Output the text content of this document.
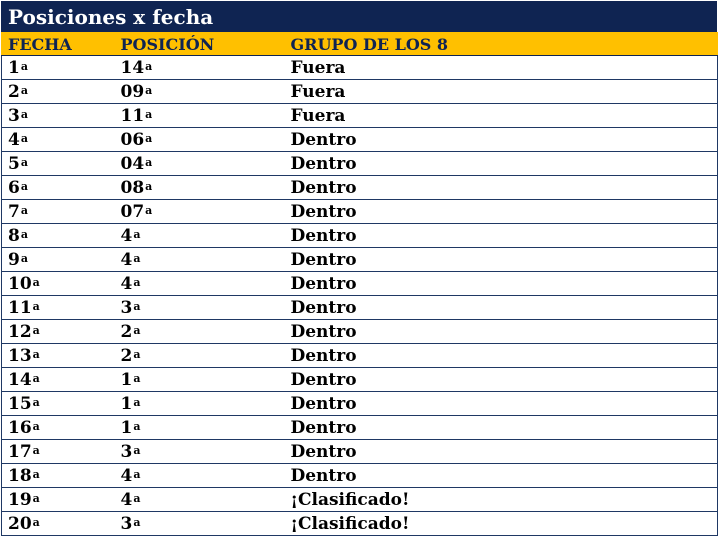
Posiciones x fecha
FECHA	POSICIÓN	GRUPO DE LOS 8
1$^a$	14$^a$	Fuera
2$^a$	09$^a$	Fuera
3$^a$	11$^a$	Fuera
4$^a$	06$^a$	Dentro
5$^a$	04$^a$	Dentro
6$^a$	08$^a$	Dentro
7$^a$	07$^a$	Dentro
8$^a$	4$^a$	Dentro
9$^a$	4$^a$	Dentro
10$^a$	4$^a$	Dentro
11$^a$	3$^a$	Dentro
12$^a$	2$^a$	Dentro
13$^a$	2$^a$	Dentro
14$^a$	1$^a$	Dentro
15$^a$	1$^a$	Dentro
16$^a$	1$^a$	Dentro
17$^a$	3$^a$	Dentro
18$^a$	4$^a$	Dentro
19$^a$	4$^a$	¡Clasificado!
20$^a$	3$^a$	¡Clasificado!
